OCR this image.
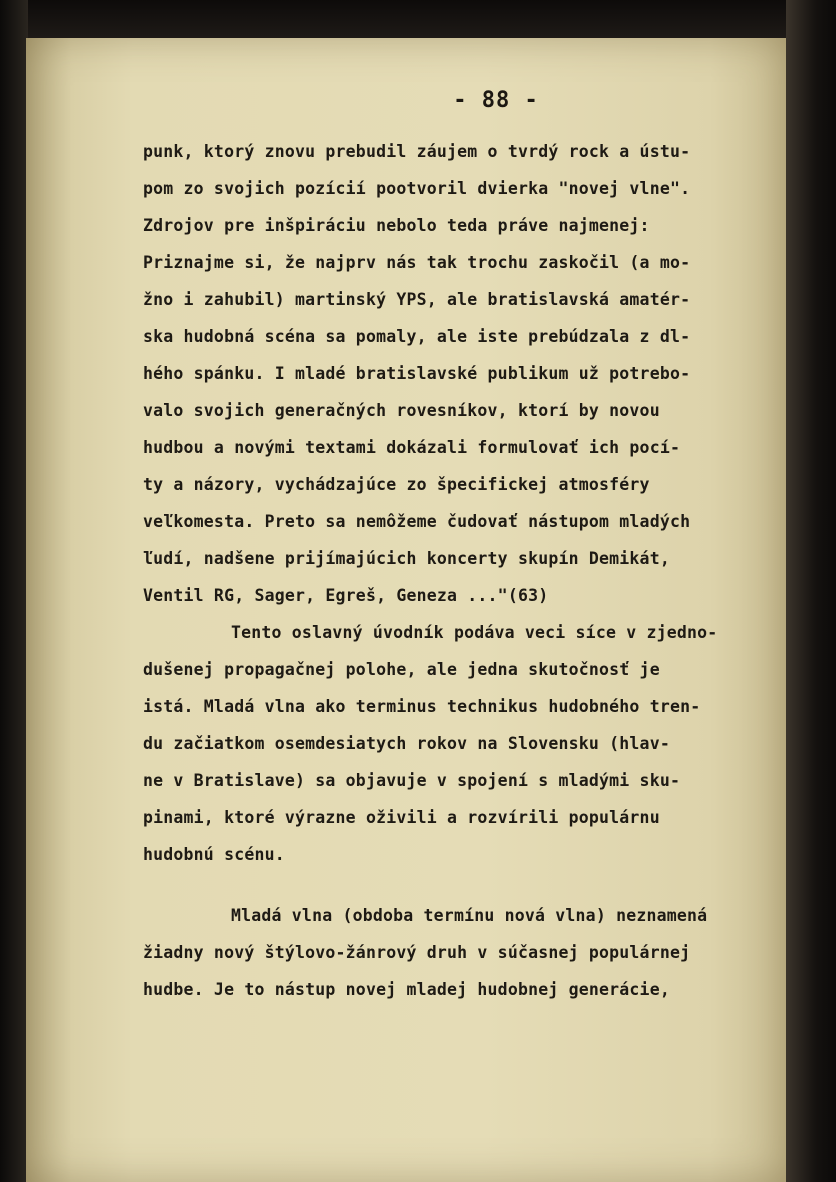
- 88 -
punk, ktorý znovu prebudil záujem o tvrdý rock a ústu-
pom zo svojich pozícií pootvoril dvierka "novej vlne".
Zdrojov pre inšpiráciu nebolo teda práve najmenej:
Priznajme si, že najprv nás tak trochu zaskočil (a mo-
žno i zahubil) martinský YPS, ale bratislavská amatér-
ska hudobná scéna sa pomaly, ale iste prebúdzala z dl-
hého spánku. I mladé bratislavské publikum už potrebo-
valo svojich generačných rovesníkov, ktorí by novou
hudbou a novými textami dokázali formulovať ich pocí-
ty a názory, vychádzajúce zo špecifickej atmosféry
veľkomesta. Preto sa nemôžeme čudovať nástupom mladých
ľudí, nadšene prijímajúcich koncerty skupín Demikát,
Ventil RG, Sager, Egreš, Geneza ..."(63)
Tento oslavný úvodník podáva veci síce v zjedno-
dušenej propagačnej polohe, ale jedna skutočnosť je
istá. Mladá vlna ako terminus technikus hudobného tren-
du začiatkom osemdesiatych rokov na Slovensku (hlav-
ne v Bratislave) sa objavuje v spojení s mladými sku-
pinami, ktoré výrazne oživili a rozvírili populárnu
hudobnú scénu.
Mladá vlna (obdoba termínu nová vlna) neznamená
žiadny nový štýlovo-žánrový druh v súčasnej populárnej
hudbe. Je to nástup novej mladej hudobnej generácie,
